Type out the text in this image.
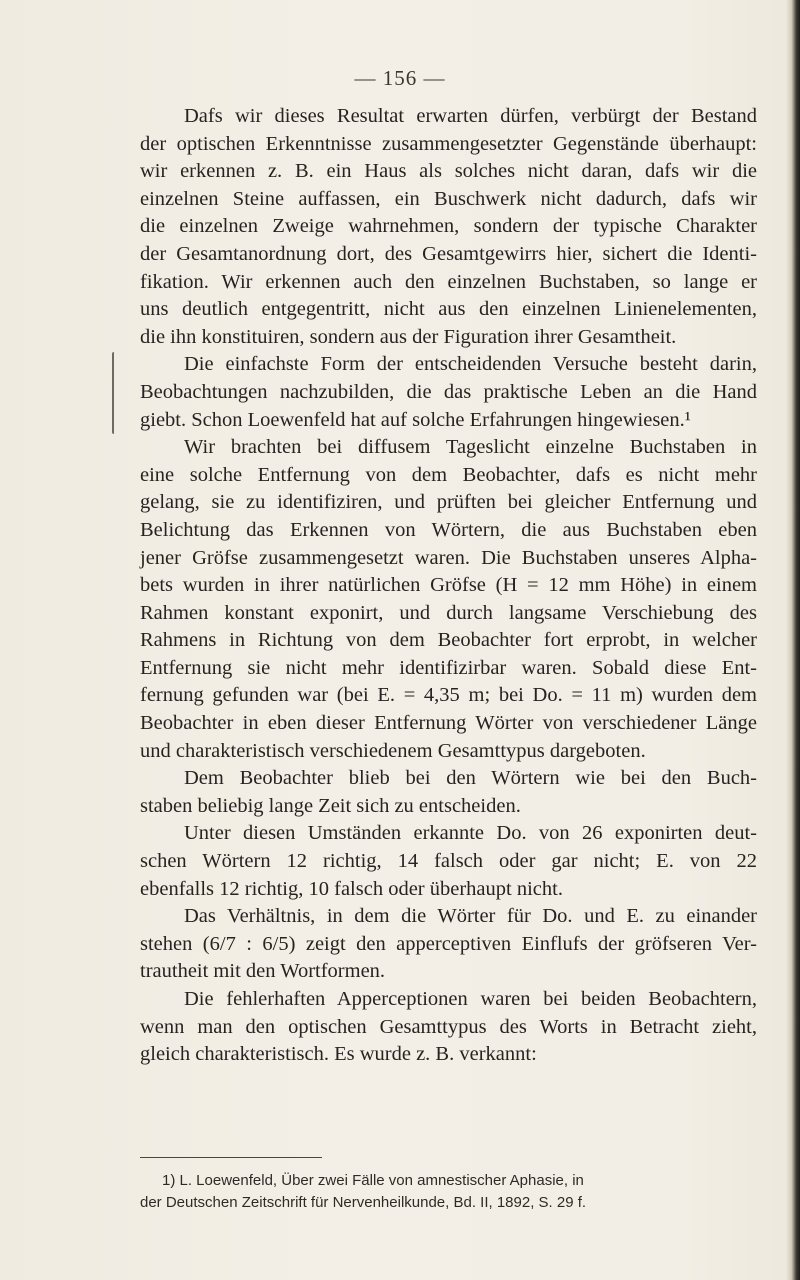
— 156 —
Dafs wir dieses Resultat erwarten dürfen, verbürgt der Bestand
der optischen Erkenntnisse zusammengesetzter Gegenstände überhaupt:
wir erkennen z. B. ein Haus als solches nicht daran, dafs wir die
einzelnen Steine auffassen, ein Buschwerk nicht dadurch, dafs wir
die einzelnen Zweige wahrnehmen, sondern der typische Charakter
der Gesamtanordnung dort, des Gesamtgewirrs hier, sichert die Identi-
fikation. Wir erkennen auch den einzelnen Buchstaben, so lange er
uns deutlich entgegentritt, nicht aus den einzelnen Linienelementen,
die ihn konstituiren, sondern aus der Figuration ihrer Gesamtheit.
Die einfachste Form der entscheidenden Versuche besteht darin,
Beobachtungen nachzubilden, die das praktische Leben an die Hand
giebt. Schon Loewenfeld hat auf solche Erfahrungen hingewiesen.¹
Wir brachten bei diffusem Tageslicht einzelne Buchstaben in
eine solche Entfernung von dem Beobachter, dafs es nicht mehr
gelang, sie zu identifiziren, und prüften bei gleicher Entfernung und
Belichtung das Erkennen von Wörtern, die aus Buchstaben eben
jener Gröfse zusammengesetzt waren. Die Buchstaben unseres Alpha-
bets wurden in ihrer natürlichen Gröfse (H = 12 mm Höhe) in einem
Rahmen konstant exponirt, und durch langsame Verschiebung des
Rahmens in Richtung von dem Beobachter fort erprobt, in welcher
Entfernung sie nicht mehr identifizirbar waren. Sobald diese Ent-
fernung gefunden war (bei E. = 4,35 m; bei Do. = 11 m) wurden dem
Beobachter in eben dieser Entfernung Wörter von verschiedener Länge
und charakteristisch verschiedenem Gesamttypus dargeboten.
Dem Beobachter blieb bei den Wörtern wie bei den Buch-
staben beliebig lange Zeit sich zu entscheiden.
Unter diesen Umständen erkannte Do. von 26 exponirten deut-
schen Wörtern 12 richtig, 14 falsch oder gar nicht; E. von 22
ebenfalls 12 richtig, 10 falsch oder überhaupt nicht.
Das Verhältnis, in dem die Wörter für Do. und E. zu einander
stehen (6/7 : 6/5) zeigt den apperceptiven Einflufs der gröfseren Ver-
trautheit mit den Wortformen.
Die fehlerhaften Apperceptionen waren bei beiden Beobachtern,
wenn man den optischen Gesamttypus des Worts in Betracht zieht,
gleich charakteristisch. Es wurde z. B. verkannt:
1) L. Loewenfeld, Über zwei Fälle von amnestischer Aphasie, in
der Deutschen Zeitschrift für Nervenheilkunde, Bd. II, 1892, S. 29 f.
